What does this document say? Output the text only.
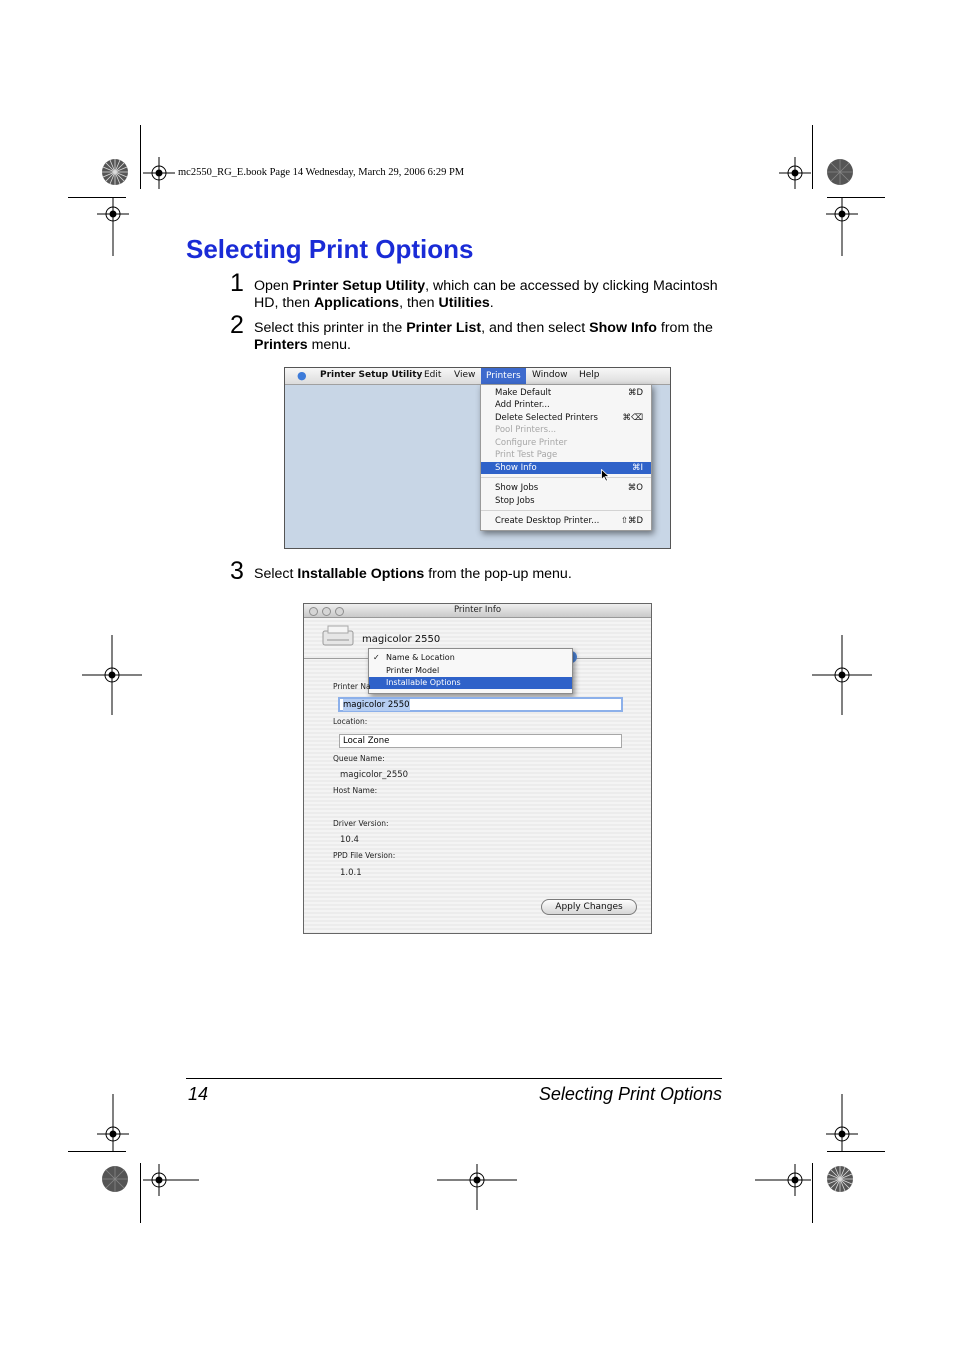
mc2550_RG_E.book Page 14 Wednesday, March 29, 2006 6:29 PM
Selecting Print Options
1 Open Printer Setup Utility, which can be accessed by clicking Macintosh HD, then Applications, then Utilities.
2 Select this printer in the Printer List, and then select Show Info from the Printers menu.
● Printer Setup Utility Edit View	Printers	Window Help
Make Default	⌘D
Add Printer...
Delete Selected Printers	⌘⌫
Pool Printers...
Configure Printer
Print Test Page
Show Info	⌘I
Show Jobs	⌘O
Stop Jobs
Create Desktop Printer...	⇧⌘D
3 Select Installable Options from the pop-up menu.
Printer Info
magicolor 2550
✓ Name & Location
Printer Model
Installable Options
Printer Na
magicolor 2550
Location:
Local Zone
Queue Name:
magicolor_2550
Host Name:
Driver Version:
10.4
PPD File Version:
1.0.1
Apply Changes
14	Selecting Print Options
